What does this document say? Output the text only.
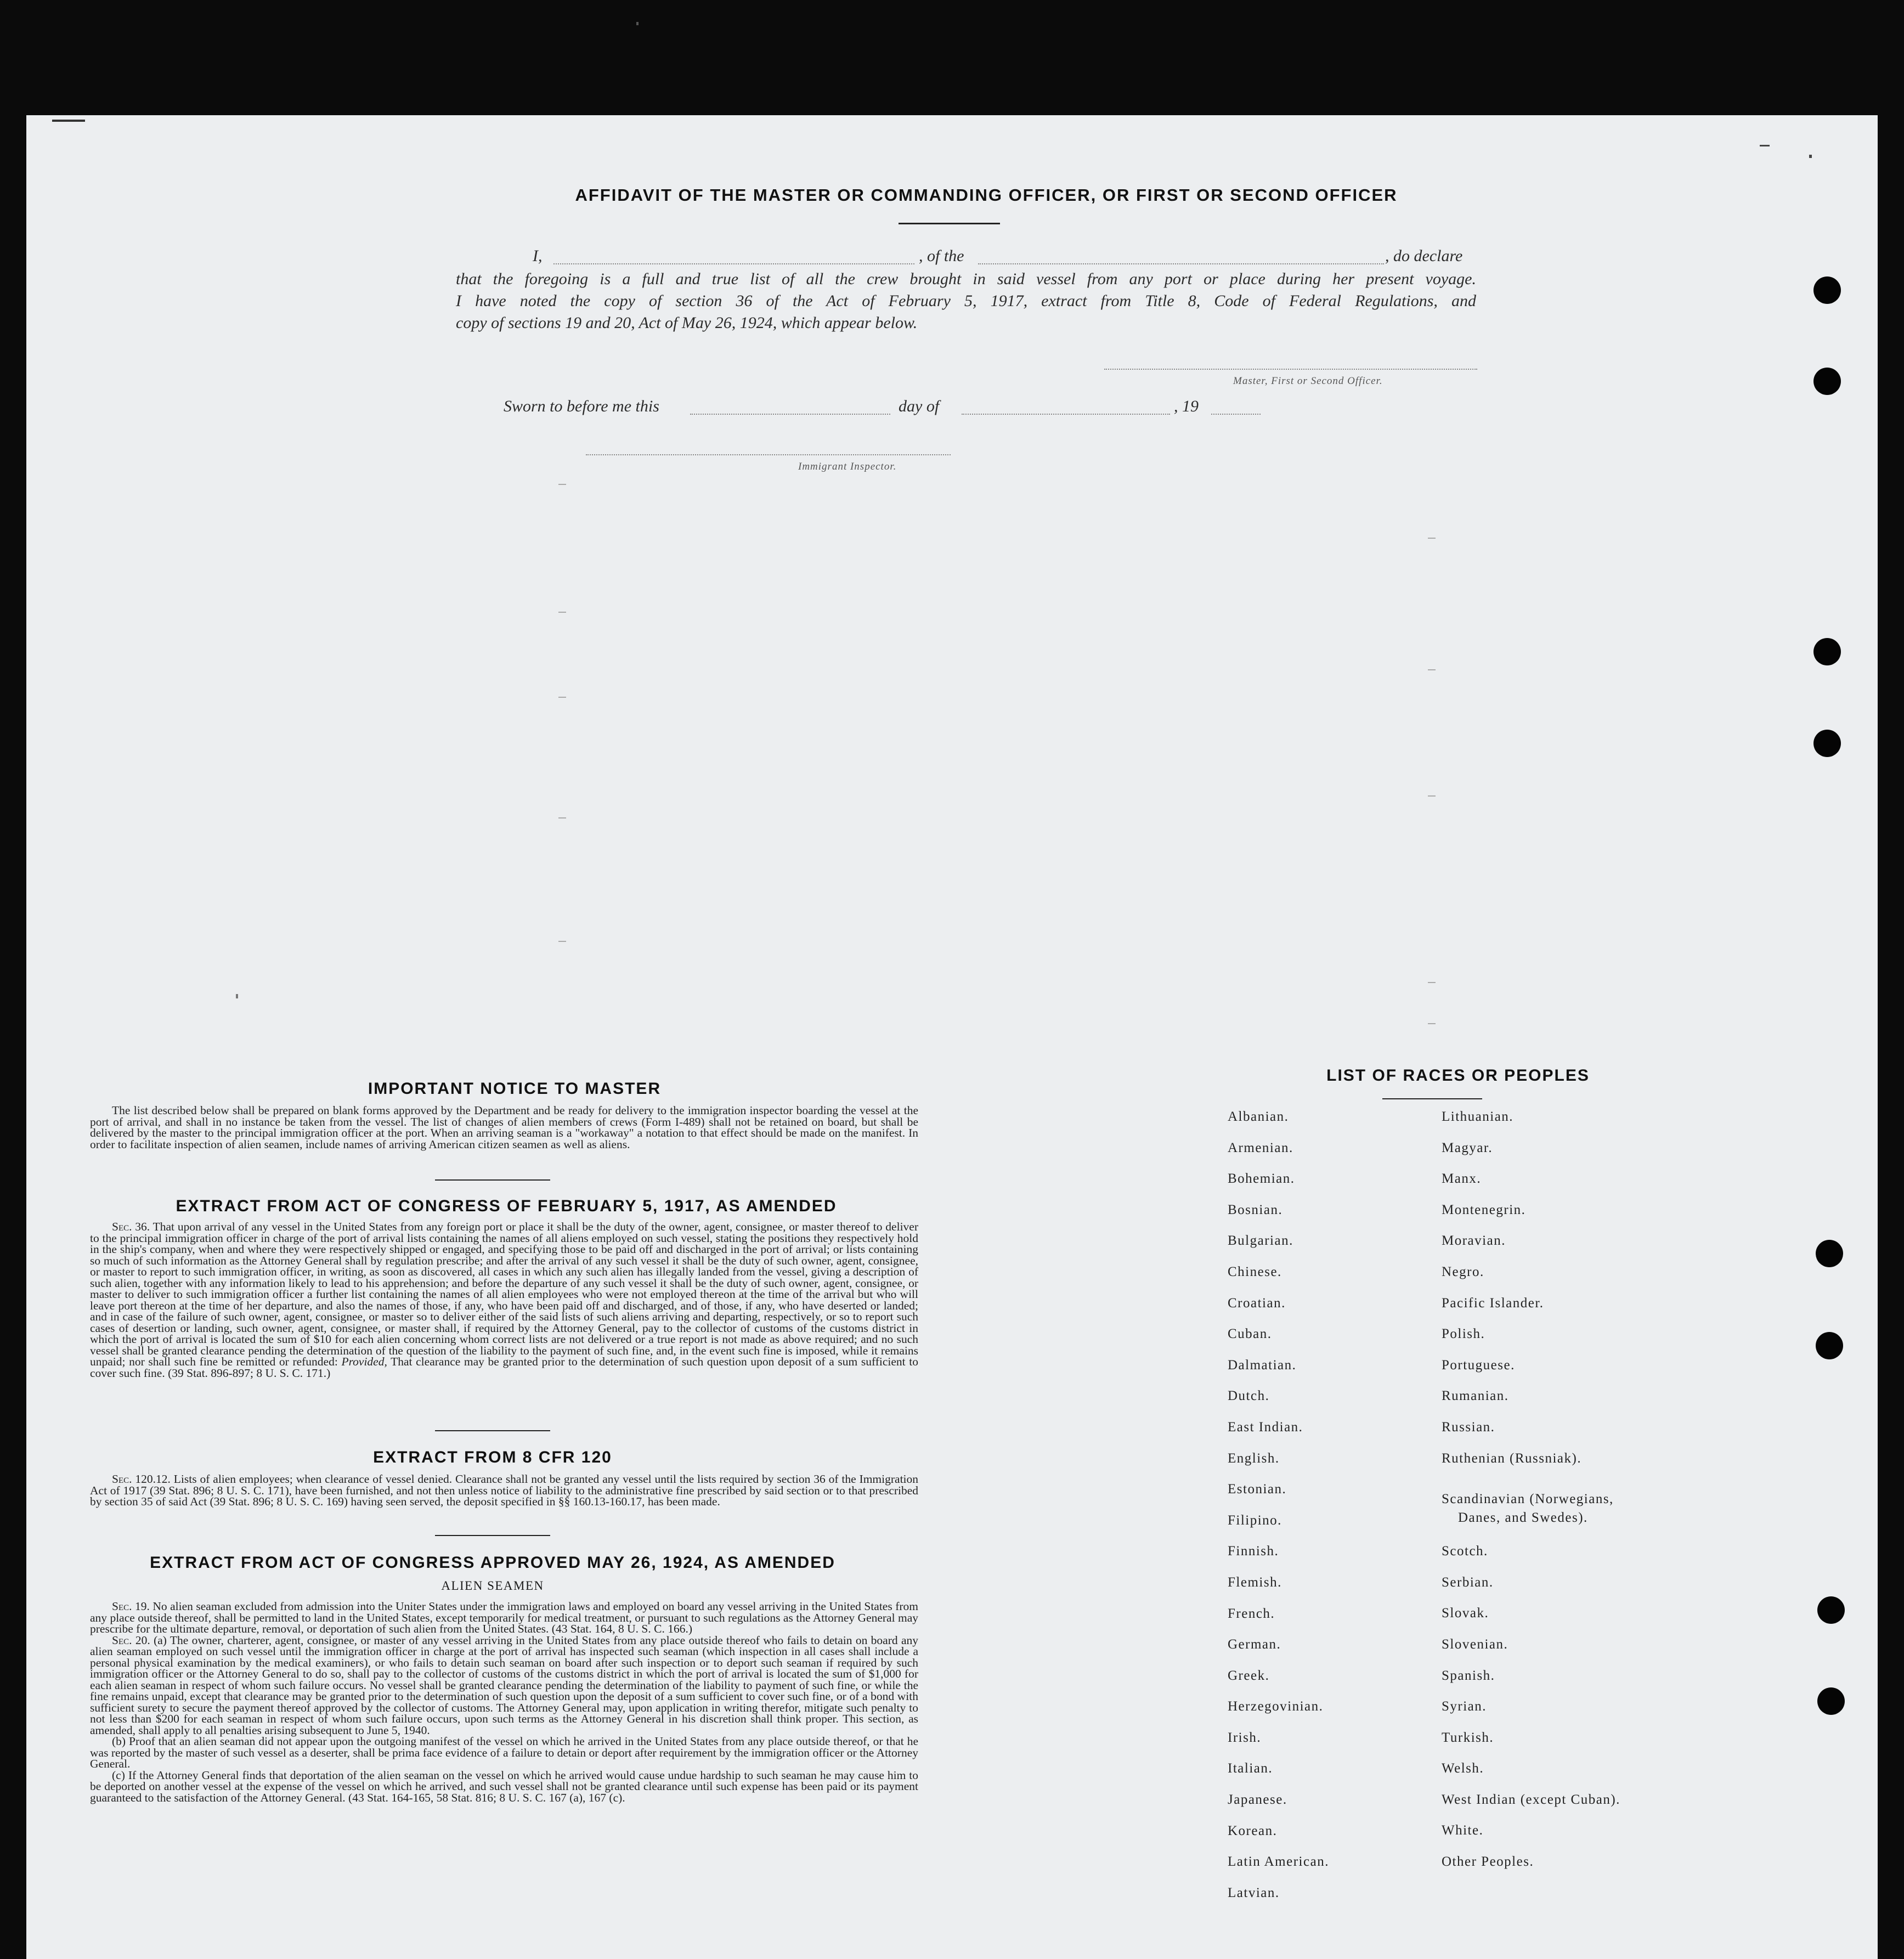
AFFIDAVIT OF THE MASTER OR COMMANDING OFFICER, OR FIRST OR SECOND OFFICER
I,	, of the	, do declare
that the foregoing is a full and true list of all the crew brought in said vessel from any port or place during her present voyage.
I have noted the copy of section 36 of the Act of February 5, 1917, extract from Title 8, Code of Federal Regulations, and
copy of sections 19 and 20, Act of May 26, 1924, which appear below.
Master, First or Second Officer.
Sworn to before me this	day of	, 19
Immigrant Inspector.
IMPORTANT NOTICE TO MASTER

The list described below shall be prepared on blank forms approved by the Department and be ready for delivery to the immigration inspector boarding the vessel at the port of arrival, and shall in no instance be taken from the vessel. The list of changes of alien members of crews (Form I-489) shall not be retained on board, but shall be delivered by the master to the principal immigration officer at the port. When an arriving seaman is a "workaway" a notation to that effect should be made on the manifest. In order to facilitate inspection of alien seamen, include names of arriving American citizen seamen as well as aliens.

EXTRACT FROM ACT OF CONGRESS OF FEBRUARY 5, 1917, AS AMENDED

Sec. 36. That upon arrival of any vessel in the United States from any foreign port or place it shall be the duty of the owner, agent, consignee, or master thereof to deliver to the principal immigration officer in charge of the port of arrival lists containing the names of all aliens employed on such vessel, stating the positions they respectively hold in the ship's company, when and where they were respectively shipped or engaged, and specifying those to be paid off and discharged in the port of arrival; or lists containing so much of such information as the Attorney General shall by regulation prescribe; and after the arrival of any such vessel it shall be the duty of such owner, agent, consignee, or master to report to such immigration officer, in writing, as soon as discovered, all cases in which any such alien has illegally landed from the vessel, giving a description of such alien, together with any information likely to lead to his apprehension; and before the departure of any such vessel it shall be the duty of such owner, agent, consignee, or master to deliver to such immigration officer a further list containing the names of all alien employees who were not employed thereon at the time of the arrival but who will leave port thereon at the time of her departure, and also the names of those, if any, who have been paid off and discharged, and of those, if any, who have deserted or landed; and in case of the failure of such owner, agent, consignee, or master so to deliver either of the said lists of such aliens arriving and departing, respectively, or so to report such cases of desertion or landing, such owner, agent, consignee, or master shall, if required by the Attorney General, pay to the collector of customs of the customs district in which the port of arrival is located the sum of $10 for each alien concerning whom correct lists are not delivered or a true report is not made as above required; and no such vessel shall be granted clearance pending the determination of the question of the liability to the payment of such fine, and, in the event such fine is imposed, while it remains unpaid; nor shall such fine be remitted or refunded: Provided, That clearance may be granted prior to the determination of such question upon deposit of a sum sufficient to cover such fine. (39 Stat. 896-897; 8 U. S. C. 171.)

EXTRACT FROM 8 CFR 120

Sec. 120.12. Lists of alien employees; when clearance of vessel denied. Clearance shall not be granted any vessel until the lists required by section 36 of the Immigration Act of 1917 (39 Stat. 896; 8 U. S. C. 171), have been furnished, and not then unless notice of liability to the administrative fine prescribed by said section or to that prescribed by section 35 of said Act (39 Stat. 896; 8 U. S. C. 169) having seen served, the deposit specified in §§ 160.13-160.17, has been made.

EXTRACT FROM ACT OF CONGRESS APPROVED MAY 26, 1924, AS AMENDED
ALIEN SEAMEN

Sec. 19. No alien seaman excluded from admission into the Uniter States under the immigration laws and employed on board any vessel arriving in the United States from any place outside thereof, shall be permitted to land in the United States, except temporarily for medical treatment, or pursuant to such regulations as the Attorney General may prescribe for the ultimate departure, removal, or deportation of such alien from the United States. (43 Stat. 164, 8 U. S. C. 166.)

Sec. 20. (a) The owner, charterer, agent, consignee, or master of any vessel arriving in the United States from any place outside thereof who fails to detain on board any alien seaman employed on such vessel until the immigration officer in charge at the port of arrival has inspected such seaman (which inspection in all cases shall include a personal physical examination by the medical examiners), or who fails to detain such seaman on board after such inspection or to deport such seaman if required by such immigration officer or the Attorney General to do so, shall pay to the collector of customs of the customs district in which the port of arrival is located the sum of $1,000 for each alien seaman in respect of whom such failure occurs. No vessel shall be granted clearance pending the determination of the liability to payment of such fine, or while the fine remains unpaid, except that clearance may be granted prior to the determination of such question upon the deposit of a sum sufficient to cover such fine, or of a bond with sufficient surety to secure the payment thereof approved by the collector of customs. The Attorney General may, upon application in writing therefor, mitigate such penalty to not less than $200 for each seaman in respect of whom such failure occurs, upon such terms as the Attorney General in his discretion shall think proper. This section, as amended, shall apply to all penalties arising subsequent to June 5, 1940.

(b) Proof that an alien seaman did not appear upon the outgoing manifest of the vessel on which he arrived in the United States from any place outside thereof, or that he was reported by the master of such vessel as a deserter, shall be prima face evidence of a failure to detain or deport after requirement by the immigration officer or the Attorney General.

(c) If the Attorney General finds that deportation of the alien seaman on the vessel on which he arrived would cause undue hardship to such seaman he may cause him to be deported on another vessel at the expense of the vessel on which he arrived, and such vessel shall not be granted clearance until such expense has been paid or its payment guaranteed to the satisfaction of the Attorney General. (43 Stat. 164-165, 58 Stat. 816; 8 U. S. C. 167 (a), 167 (c).

LIST OF RACES OR PEOPLES
Albanian.
Armenian.
Bohemian.
Bosnian.
Bulgarian.
Chinese.
Croatian.
Cuban.
Dalmatian.
Dutch.
East Indian.
English.
Estonian.
Filipino.
Finnish.
Flemish.
French.
German.
Greek.
Herzegovinian.
Irish.
Italian.
Japanese.
Korean.
Latin American.
Latvian.
Lithuanian.
Magyar.
Manx.
Montenegrin.
Moravian.
Negro.
Pacific Islander.
Polish.
Portuguese.
Rumanian.
Russian.
Ruthenian (Russniak).
Scandinavian (Norwegians,
Danes, and Swedes).
Scotch.
Serbian.
Slovak.
Slovenian.
Spanish.
Syrian.
Turkish.
Welsh.
West Indian (except Cuban).
White.
Other Peoples.
